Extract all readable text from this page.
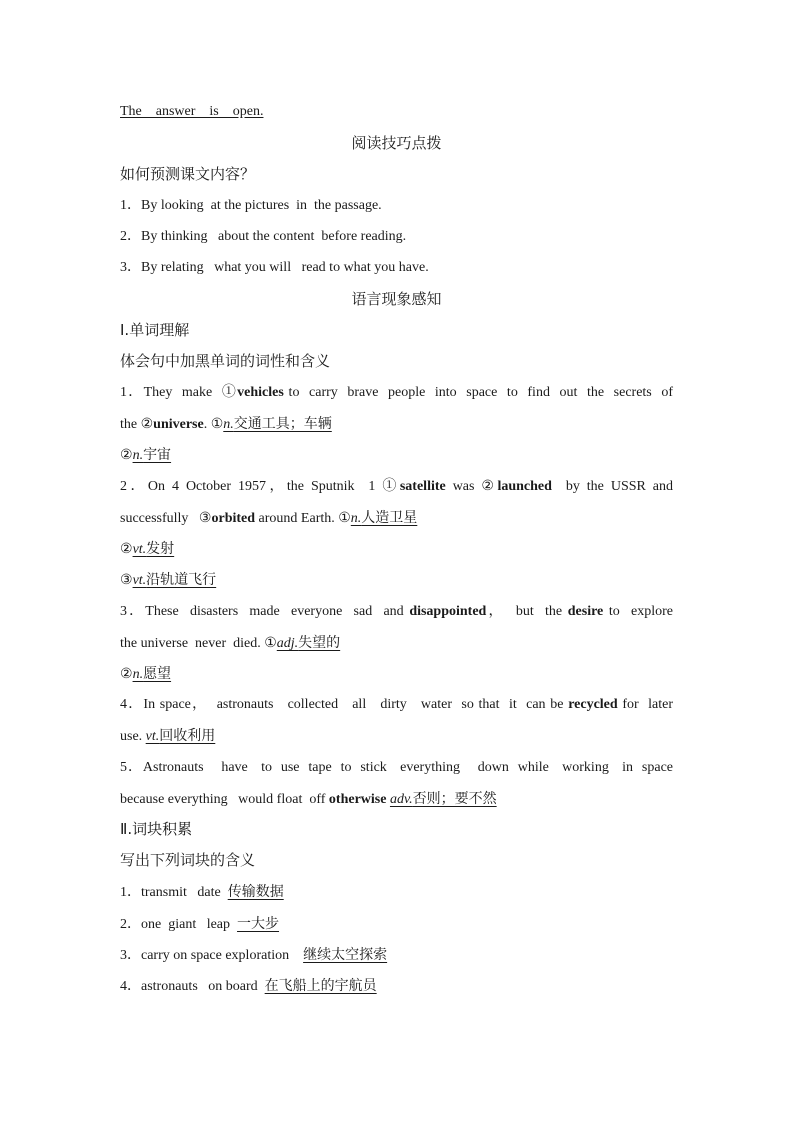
The    answer    is    open.
阅读技巧点拨
如何预测课文内容？
1．By looking  at the pictures  in  the passage.
2．By thinking   about the content  before reading.
3．By relating   what you will   read to what you have.
语言现象感知
Ⅰ.单词理解
体会句中加黑单词的词性和含义
1．They  make  ①vehicles to  carry  brave  people  into  space  to  find  out  the  secrets  of
the ②universe. ①n.交通工具；车辆
②n.宇宙
2．On 4 October 1957，the Sputnik  1 ①satellite was ②launched  by the USSR and
successfully   ③orbited around Earth. ①n.人造卫星
②vt.发射
③vt.沿轨道飞行
3．These  disasters  made  everyone  sad  and disappointed，  but  the desire to  explore
the universe  never  died. ①adj.失望的
②n.愿望
4．In space，  astronauts   collected   all   dirty   water  so that  it  can be recycled for  later
use. vt.回收利用
5．Astronauts    have   to  use  tape  to  stick   everything    down  while   working   in  space
because everything   would float  off otherwise adv.否则；要不然
Ⅱ.词块积累
写出下列词块的含义
1．transmit   date  传输数据
2．one  giant   leap  一大步
3．carry on space exploration    继续太空探索
4．astronauts   on board  在飞船上的宇航员
